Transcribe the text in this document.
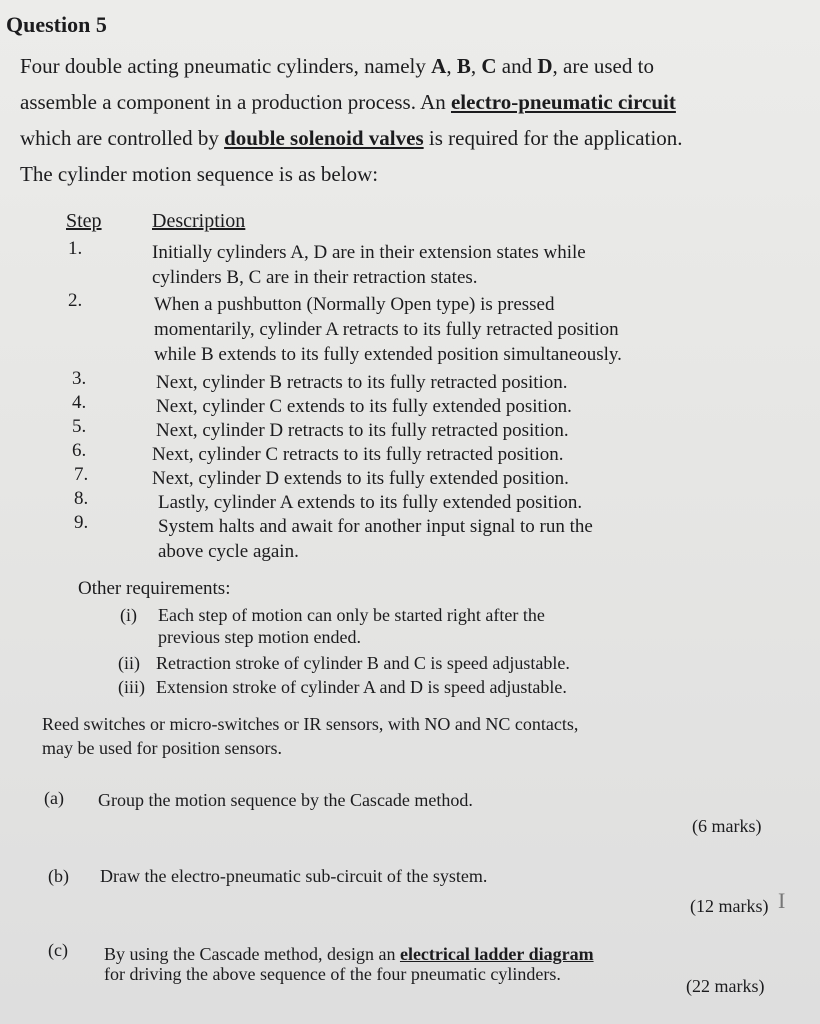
Question 5

Four double acting pneumatic cylinders, namely A, B, C and D, are used to

assemble a component in a production process. An electro-pneumatic circuit

which are controlled by double solenoid valves is required for the application.

The cylinder motion sequence is as below:

Step	Description
1.	Initially cylinders A, D are in their extension states while
cylinders B, C are in their retraction states.
2.	When a pushbutton (Normally Open type) is pressed
momentarily, cylinder A retracts to its fully retracted position
while B extends to its fully extended position simultaneously.
3.	Next, cylinder B retracts to its fully retracted position.
4.	Next, cylinder C extends to its fully extended position.
5.	Next, cylinder D retracts to its fully retracted position.
6.	Next, cylinder C retracts to its fully retracted position.
7.	Next, cylinder D extends to its fully extended position.
8.	Lastly, cylinder A extends to its fully extended position.
9.	System halts and await for another input signal to run the
above cycle again.
Other requirements:
(i) Each step of motion can only be started right after the
previous step motion ended.
(ii) Retraction stroke of cylinder B and C is speed adjustable.
(iii) Extension stroke of cylinder A and D is speed adjustable.
Reed switches or micro-switches or IR sensors, with NO and NC contacts,
may be used for position sensors.
(a) Group the motion sequence by the Cascade method.
(6 marks)
(b) Draw the electro-pneumatic sub-circuit of the system.
(12 marks) I
(c) By using the Cascade method, design an electrical ladder diagram
for driving the above sequence of the four pneumatic cylinders.
(22 marks)
